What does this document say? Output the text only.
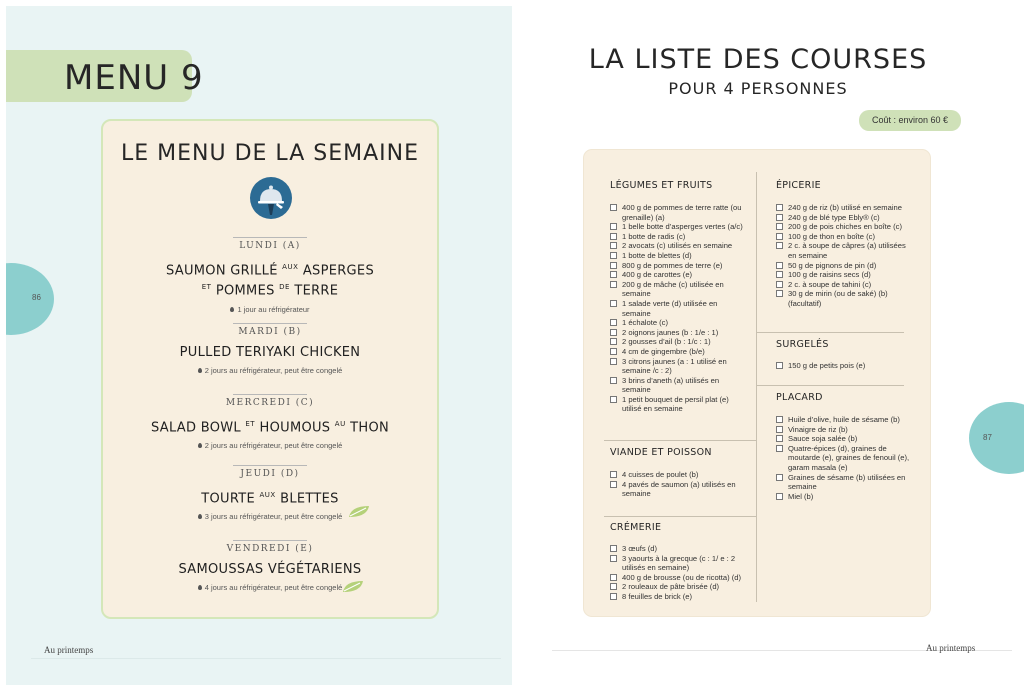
MENU 9
86
LE MENU DE LA SEMAINE
LUNDI (A)
SAUMON GRILLÉ $^{AUX}$ ASPERGES
$^{ET}$ POMMES $^{DE}$ TERRE
1 jour au réfrigérateur
MARDI (B)
PULLED TERIYAKI CHICKEN
2 jours au réfrigérateur, peut être congelé
MERCREDI (C)
SALAD BOWL $^{ET}$ HOUMOUS $^{AU}$ THON
2 jours au réfrigérateur, peut être congelé
JEUDI (D)
TOURTE $^{AUX}$ BLETTES
3 jours au réfrigérateur, peut être congelé
VENDREDI (E)
SAMOUSSAS VÉGÉTARIENS
4 jours au réfrigérateur, peut être congelé
Au printemps
LA LISTE DES COURSES
POUR 4 PERSONNES
Coût : environ 60 €
LÉGUMES ET FRUITS
400 g de pommes de terre ratte (ou grenaille) (a)
1 belle botte d’asperges vertes (a/c)
1 botte de radis (c)
2 avocats (c) utilisés en semaine
1 botte de blettes (d)
800 g de pommes de terre (e)
400 g de carottes (e)
200 g de mâche (c) utilisée en semaine
1 salade verte (d) utilisée en semaine
1 échalote (c)
2 oignons jaunes (b : 1/e : 1)
2 gousses d’ail (b : 1/c : 1)
4 cm de gingembre (b/e)
3 citrons jaunes (a : 1 utilisé en semaine /c : 2)
3 brins d’aneth (a) utilisés en semaine
1 petit bouquet de persil plat (e) utilisé en semaine
VIANDE ET POISSON
4 cuisses de poulet (b)
4 pavés de saumon (a) utilisés en semaine
CRÉMERIE
3 œufs (d)
3 yaourts à la grecque (c : 1/ e : 2 utilisés en semaine)
400 g de brousse (ou de ricotta) (d)
2 rouleaux de pâte brisée (d)
8 feuilles de brick (e)
ÉPICERIE
240 g de riz (b) utilisé en semaine
240 g de blé type Ebly® (c)
200 g de pois chiches en boîte (c)
100 g de thon en boîte (c)
2 c. à soupe de câpres (a) utilisées en semaine
50 g de pignons de pin (d)
100 g de raisins secs (d)
2 c. à soupe de tahini (c)
30 g de mirin (ou de saké) (b) (facultatif)
SURGELÉS
150 g de petits pois (e)
PLACARD
Huile d’olive, huile de sésame (b)
Vinaigre de riz (b)
Sauce soja salée (b)
Quatre-épices (d), graines de moutarde (e), graines de fenouil (e), garam masala (e)
Graines de sésame (b) utilisées en semaine
Miel (b)
87
Au printemps
